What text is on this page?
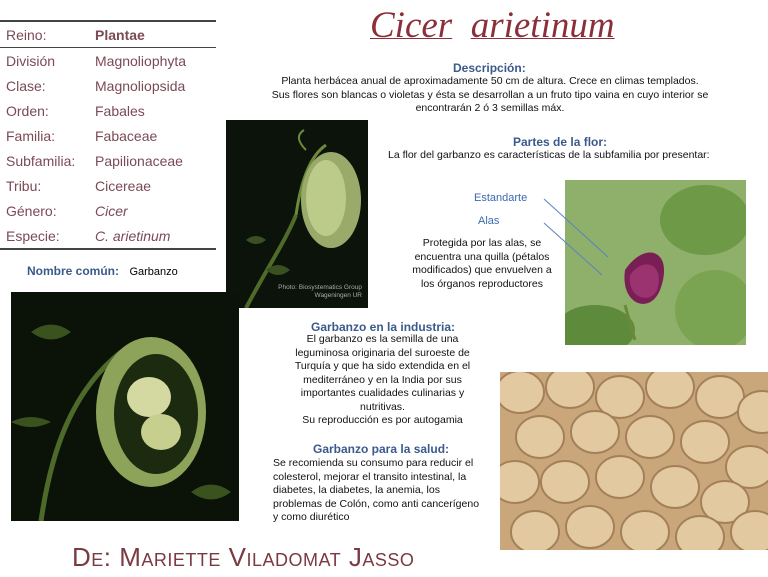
Reino:	Plantae
División	Magnoliophyta
Clase:	Magnoliopsida
Orden:	Fabales
Familia:	Fabaceae
Subfamilia:	Papilionaceae
Tribu:	Cicereae
Género:	Cicer
Especie:	C. arietinum
Nombre común: Garbanzo
Cicer arietinum
Descripción:
Planta herbácea anual de aproximadamente 50 cm de altura. Crece en climas templados.
Sus flores son blancas o violetas y ésta se desarrollan a un fruto tipo vaina en cuyo interior se
encontrarán 2 ó 3 semillas máx.
Photo: Biosystematics Group
Wageningen UR
Partes de la flor:
La flor del garbanzo es características de la subfamilia por presentar:
Estandarte
Alas
Protegida por las alas, se
encuentra una quilla (pétalos
modificados) que envuelven a
los órganos reproductores
Garbanzo en la industria:
El garbanzo es la semilla de una
leguminosa originaria del suroeste de
Turquía y que ha sido extendida en el
mediterráneo y en la India por sus
importantes cualidades culinarias y
nutritivas.
Su reproducción es por autogamia
Garbanzo para la salud:
Se recomienda su consumo para reducir el
colesterol, mejorar el transito intestinal, la
diabetes, la diabetes, la anemia, los
problemas de Colón, como anti cancerígeno
y como diurético
De: Mariette Viladomat Jasso
